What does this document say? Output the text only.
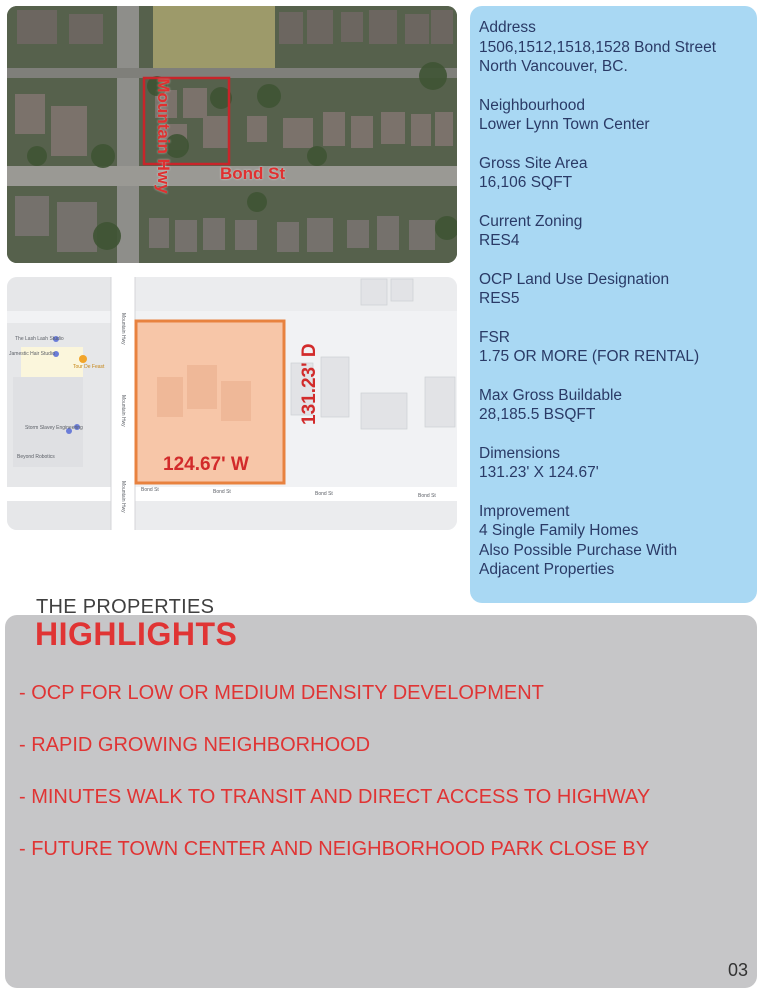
Bond St
Mountain Hwy
The Lash Lash Studio
Jamestic Hair Studio
Tour De Feast
Storm Slavey Engineering
Beyond Robotics
Bond St	Bond St	Bond St	Bond St
Mountain Hwy
Mountain Hwy
Mountain Hwy
124.67' W
131.23' D
Address
1506,1512,1518,1528 Bond Street
North Vancouver, BC.
Neighbourhood
Lower Lynn Town Center
Gross Site Area
16,106 SQFT
Current Zoning
RES4
OCP Land Use Designation
RES5
FSR
1.75 OR MORE (FOR RENTAL)
Max Gross Buildable
28,185.5 BSQFT
Dimensions
131.23' X 124.67'
Improvement
4 Single Family Homes
Also Possible Purchase With
Adjacent Properties
THE PROPERTIES
HIGHLIGHTS
- OCP FOR LOW OR MEDIUM DENSITY DEVELOPMENT
- RAPID GROWING NEIGHBORHOOD
- MINUTES WALK TO TRANSIT AND DIRECT ACCESS TO HIGHWAY
- FUTURE TOWN CENTER AND NEIGHBORHOOD PARK CLOSE BY
03
